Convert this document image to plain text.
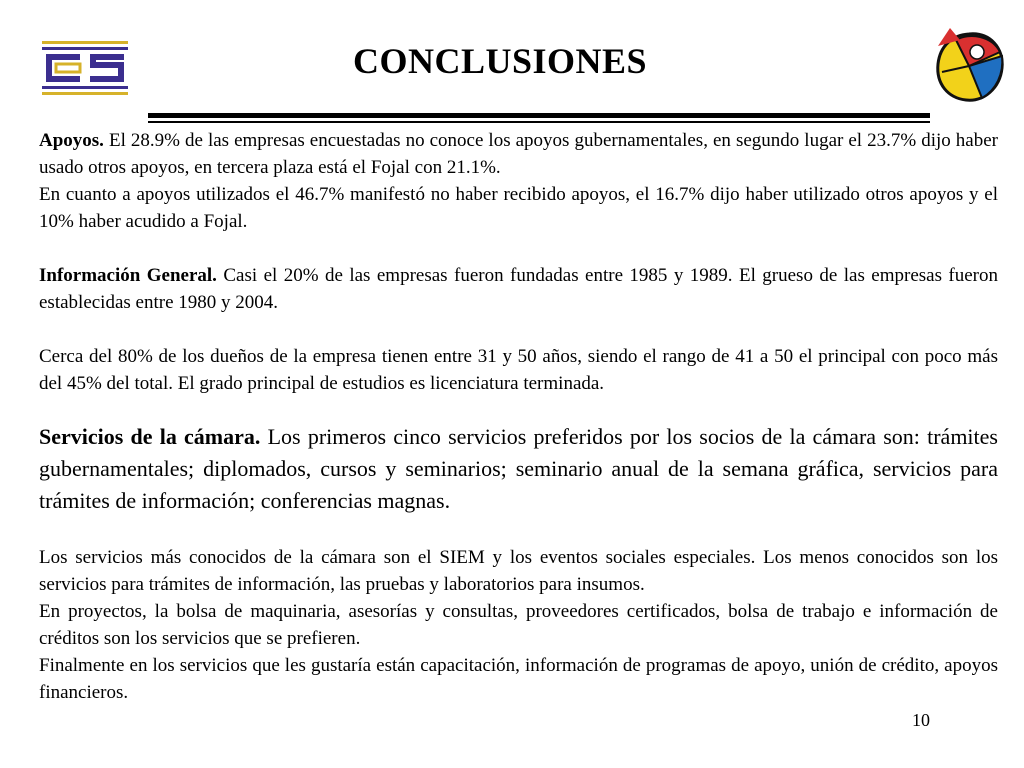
CONCLUSIONES

Apoyos. El 28.9% de las empresas encuestadas no conoce los apoyos gubernamentales, en segundo lugar el 23.7% dijo haber usado otros apoyos, en tercera plaza está el Fojal con 21.1%.

En cuanto a apoyos utilizados el 46.7% manifestó no haber recibido apoyos, el 16.7% dijo haber utilizado otros apoyos y el 10% haber acudido a Fojal.

Información General. Casi el 20% de las empresas fueron fundadas entre 1985 y 1989. El grueso de las empresas fueron establecidas entre 1980 y 2004.

Cerca del 80% de los dueños de la empresa tienen entre 31 y 50 años, siendo el rango de 41 a 50 el principal con poco más del 45% del total. El grado principal de estudios es licenciatura terminada.

Servicios de la cámara. Los primeros cinco servicios preferidos por los socios de la cámara son: trámites gubernamentales; diplomados, cursos y seminarios; seminario anual de la semana gráfica, servicios para trámites de información; conferencias magnas.

Los servicios más conocidos de la cámara son el SIEM y los eventos sociales especiales. Los menos conocidos son los servicios para trámites de información, las pruebas y laboratorios para insumos.

En proyectos, la bolsa de maquinaria, asesorías y consultas, proveedores certificados, bolsa de trabajo e información de créditos son los servicios que se prefieren.

Finalmente en los servicios que les gustaría están capacitación, información de programas de apoyo, unión de crédito, apoyos financieros.

10
